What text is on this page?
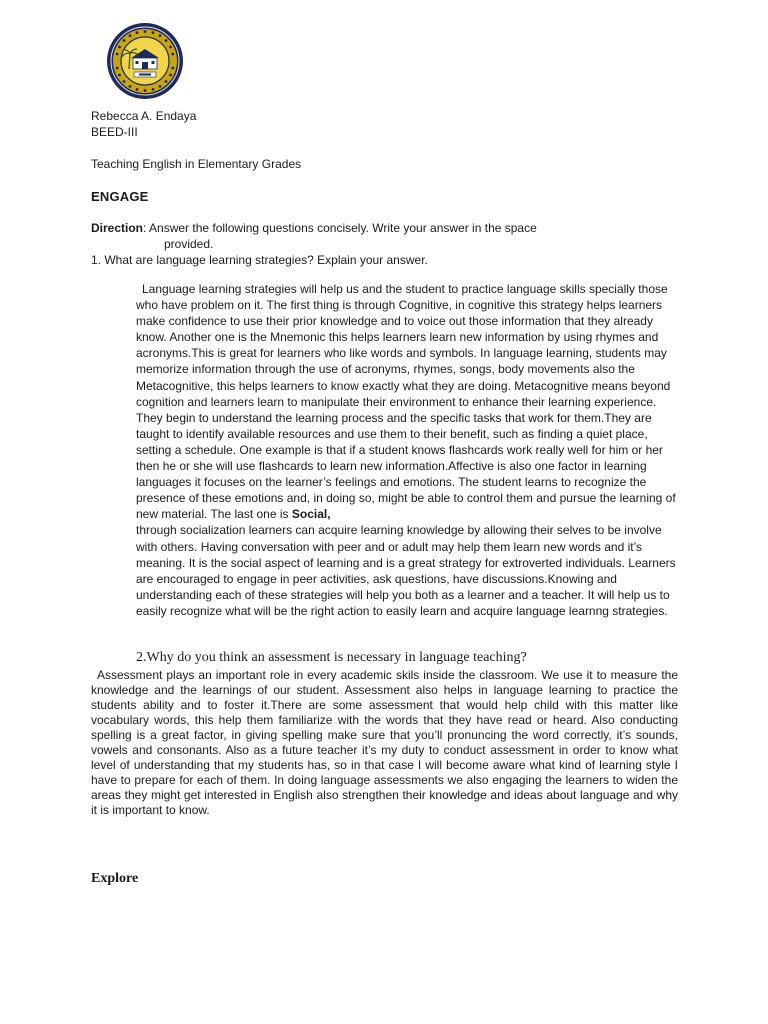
Rebecca A. Endaya

BEED-III

Teaching English in Elementary Grades

ENGAGE

Direction: Answer the following questions concisely. Write your answer in the space

provided.

1. What are language learning strategies? Explain your answer.

Language learning strategies will help us and the student to practice language skills specially those who have problem on it. The first thing is through Cognitive, in cognitive this strategy helps learners make confidence to use their prior knowledge and to voice out those information that they already know. Another one is the Mnemonic this helps learners learn new information by using rhymes and acronyms.This is great for learners who like words and symbols. In language learning, students may memorize information through the use of acronyms, rhymes, songs, body movements also the Metacognitive, this helps learners to know exactly what they are doing. Metacognitive means beyond cognition and learners learn to manipulate their environment to enhance their learning experience. They begin to understand the learning process and the specific tasks that work for them.They are taught to identify available resources and use them to their benefit, such as finding a quiet place, setting a schedule. One example is that if a student knows flashcards work really well for him or her then he or she will use flashcards to learn new information.Affective is also one factor in learning languages it focuses on the learner’s feelings and emotions. The student learns to recognize the presence of these emotions and, in doing so, might be able to control them and pursue the learning of new material. The last one is Social,
through socialization learners can acquire learning knowledge by allowing their selves to be involve with others. Having conversation with peer and or adult may help them learn new words and it’s meaning. It is the social aspect of learning and is a great strategy for extroverted individuals. Learners are encouraged to engage in peer activities, ask questions, have discussions.Knowing and understanding each of these strategies will help you both as a learner and a teacher. It will help us to easily recognize what will be the right action to easily learn and acquire language learnng strategies.

2.Why do you think an assessment is necessary in language teaching?

Assessment plays an important role in every academic skils inside the classroom. We use it to measure the knowledge and the learnings of our student. Assessment also helps in language learning to practice the students ability and to foster it.There are some assessment that would help child with this matter like vocabulary words, this help them familiarize with the words that they have read or heard. Also conducting spelling is a great factor, in giving spelling make sure that you’ll pronuncing the word correctly, it’s sounds, vowels and consonants. Also as a future teacher it’s my duty to conduct assessment in order to know what level of understanding that my students has, so in that case I will become aware what kind of learning style I have to prepare for each of them. In doing language assessments we also engaging the learners to widen the areas they might get interested in English also strengthen their knowledge and ideas about language and why it is important to know.

Explore
